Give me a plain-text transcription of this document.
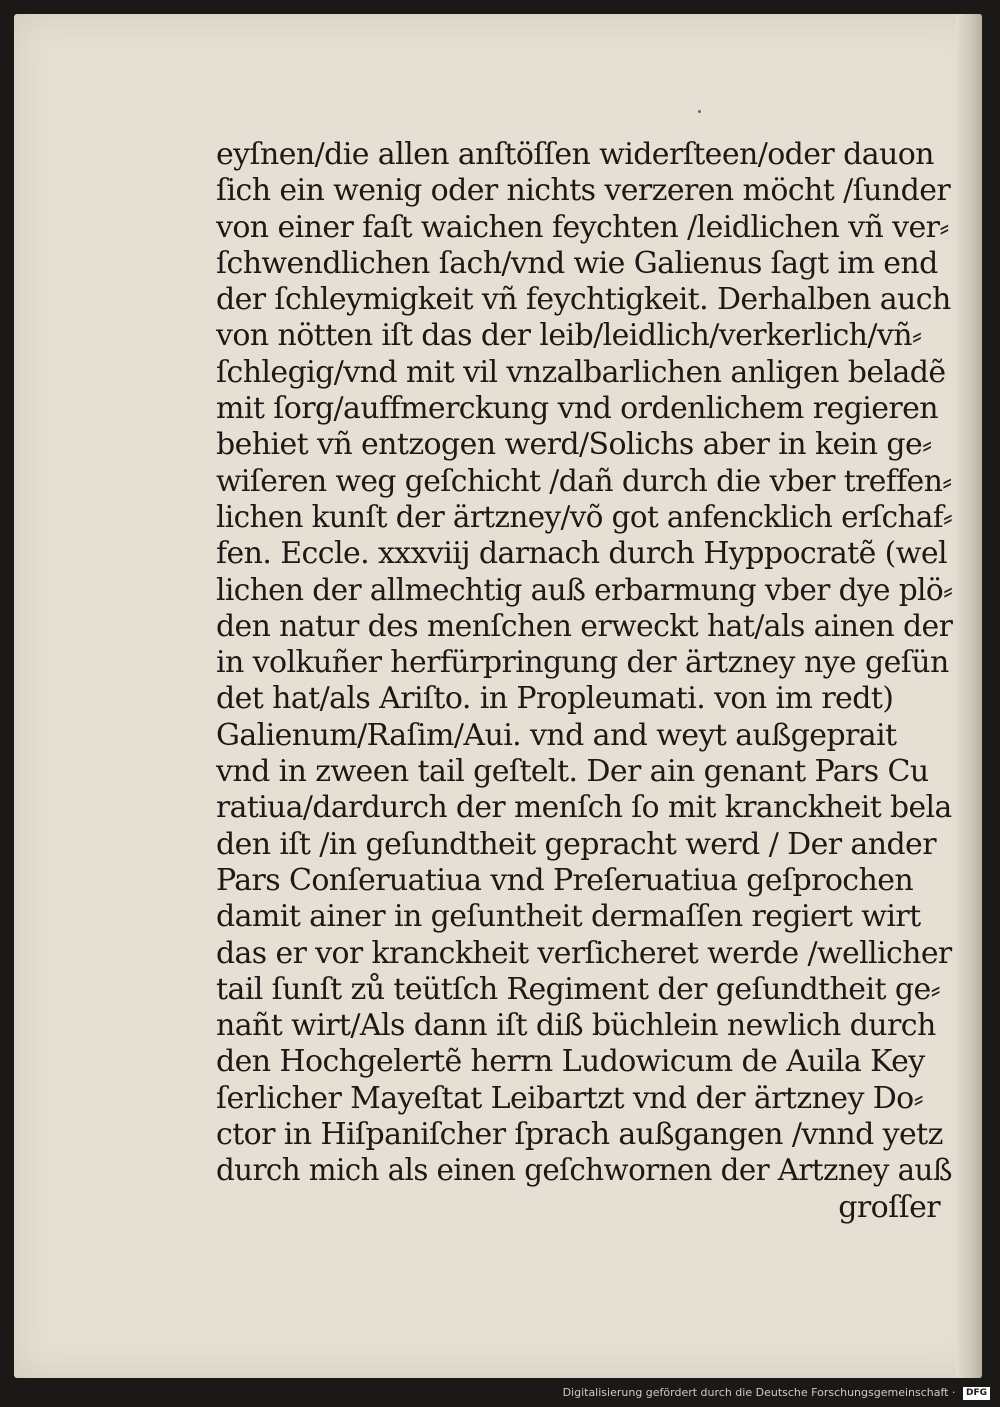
eyſnen/die allen anſtöſſen widerſteen/oder dauon
ſich ein wenig oder nichts verzeren möcht /ſunder
von einer faſt waichen feychten /leidlichen vñ ver⸗
ſchwendlichen ſach/vnd wie Galienus ſagt im end
der ſchleymigkeit vñ feychtigkeit. Derhalben auch
von nötten iſt das der leib/leidlich/verkerlich/vñ⸗
ſchlegig/vnd mit vil vnzalbarlichen anligen beladẽ
mit ſorg/auffmerckung vnd ordenlichem regieren
behiet vñ entzogen werd/Solichs aber in kein ge⸗
wiſeren weg geſchicht /dañ durch die vber treffen⸗
lichen kunſt der ärtzney/võ got anfencklich erſchaf⸗
fen. Eccle. xxxviij darnach durch Hyppocratẽ (wel
lichen der allmechtig auß erbarmung vber dye plö⸗
den natur des menſchen erweckt hat/als ainen der
in volkuñer herfürpringung der ärtzney nye geſün
det hat/als Ariſto. in Propleumati. von im redt)
Galienum/Raſim/Aui. vnd and weyt außgeprait
vnd in zween tail geſtelt. Der ain genant Pars Cu
ratiua/dardurch der menſch ſo mit kranckheit bela
den iſt /in geſundtheit gepracht werd / Der ander
Pars Conſeruatiua vnd Preſeruatiua geſprochen
damit ainer in geſuntheit dermaſſen regiert wirt
das er vor kranckheit verſicheret werde /wellicher
tail ſunſt zů teütſch Regiment der geſundtheit ge⸗
nañt wirt/Als dann iſt diß büchlein newlich durch
den Hochgelertẽ herrn Ludowicum de Auila Key
ſerlicher Mayeſtat Leibartzt vnd der ärtzney Do⸗
ctor in Hiſpaniſcher ſprach außgangen /vnnd yetz
durch mich als einen geſchwornen der Artzney auß
groſſer
Digitalisierung gefördert durch die Deutsche Forschungsgemeinschaft · DFG
